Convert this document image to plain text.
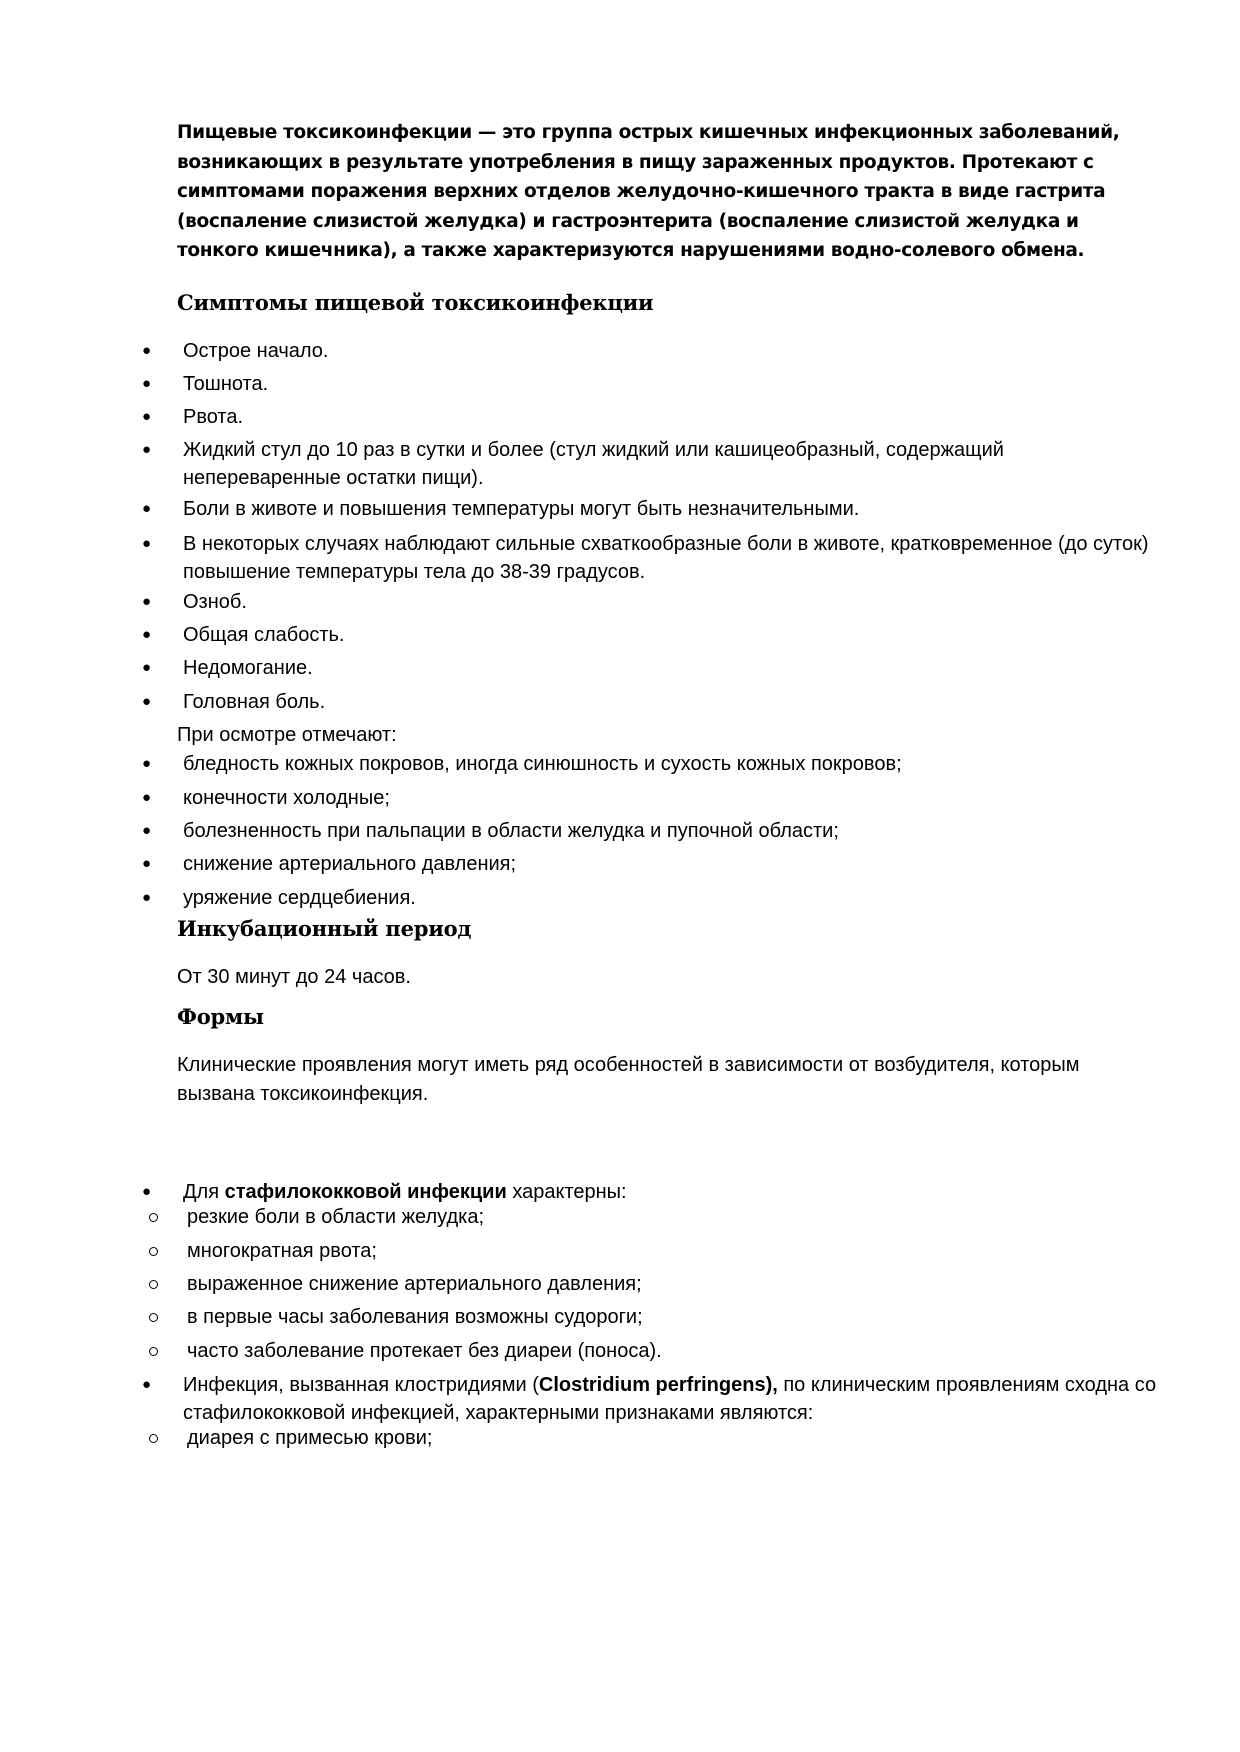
Пищевые токсикоинфекции — это группа острых кишечных инфекционных заболеваний, возникающих в результате употребления в пищу зараженных продуктов. Протекают с симптомами поражения верхних отделов желудочно-кишечного тракта в виде гастрита (воспаление слизистой желудка) и гастроэнтерита (воспаление слизистой желудка и тонкого кишечника), а также характеризуются нарушениями водно-солевого обмена.
Симптомы пищевой токсикоинфекции
● Острое начало.
● Тошнота.
● Рвота.
● Жидкий стул до 10 раз в сутки и более (стул жидкий или кашицеобразный, содержащий непереваренные остатки пищи).
● Боли в животе и повышения температуры могут быть незначительными.
● В некоторых случаях наблюдают сильные схваткообразные боли в животе, кратковременное (до суток) повышение температуры тела до 38-39 градусов.
● Озноб.
● Общая слабость.
● Недомогание.
● Головная боль.
При осмотре отмечают:
● бледность кожных покровов, иногда синюшность и сухость кожных покровов;
● конечности холодные;
● болезненность при пальпации в области желудка и пупочной области;
● снижение артериального давления;
● уряжение сердцебиения.
Инкубационный период
От 30 минут до 24 часов.
Формы
Клинические проявления могут иметь ряд особенностей в зависимости от возбудителя, которым вызвана токсикоинфекция.
● Для стафилококковой инфекции характерны:
резкие боли в области желудка;
многократная рвота;
выраженное снижение артериального давления;
в первые часы заболевания возможны судороги;
часто заболевание протекает без диареи (поноса).
● Инфекция, вызванная клостридиями (Clostridium perfringens), по клиническим проявлениям сходна со стафилококковой инфекцией, характерными признаками являются:
диарея с примесью крови;
